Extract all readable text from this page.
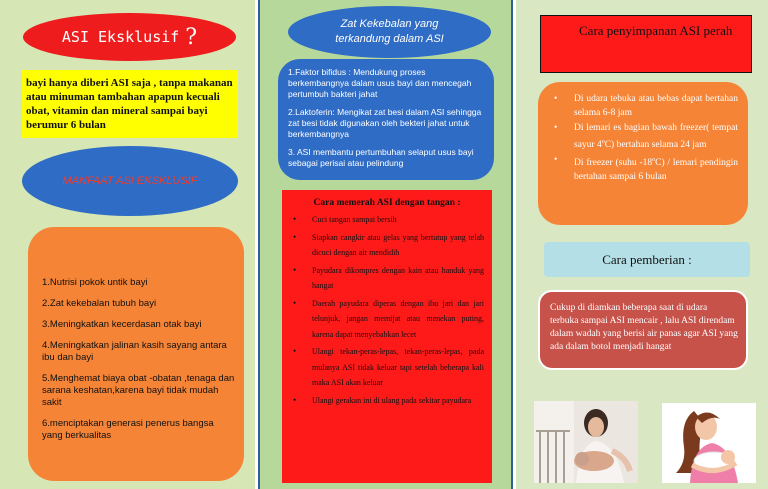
ASI Eksklusif ?
bayi hanya diberi ASI saja , tanpa makanan atau minuman tambahan apapun kecuali obat, vitamin dan mineral sampai bayi berumur 6 bulan
MANFAAT ASI EKSKLUSIF
1.Nutrisi pokok untik bayi
2.Zat kekebalan tubuh bayi
3.Meningkatkan kecerdasan otak bayi
4.Meningkatkan jalinan kasih sayang antara ibu dan bayi
5.Menghemat biaya obat -obatan ,tenaga dan sarana keshatan,karena bayi tidak mudah sakit
6.menciptakan generasi penerus bangsa yang berkualitas
Zat Kekebalan yang
terkandung dalam ASI

1.Faktor bifidus : Mendukung proses berkembangnya dalam usus bayi dan mencegah pertumbuh bakteri jahat

2.Laktoferin: Mengikat zat besi dalam ASI sehingga zat besi tidak digunakan oleh bekteri jahat untuk berkembangnya

3. ASI membantu pertumbuhan selaput usus bayi sebagai perisai atau pelindung

Cara memerah ASI dengan tangan :
• Cuci tangan sampai bersih
• Siapkan cangkir atau gelas yang bertutup yang telah dicuci dengan air mendidih
• Payudara dikompres dengan kain atau handuk yang hangat
• Daerah payudara diperas dengan ibu jari dan jari telunjuk, jangan memijat atau menekan puting, karena dapat menyebabkan lecet
• Ulangi tekan-peras-lepas, tekan-peras-lepas, pada mulanya ASI tidak keluar tapi setelah beberapa kali maka ASI akan keluar
• Ulangi gerakan ini di ulang pada sekitar payudara
Cara penyimpanan ASI perah
• Di udara tebuka atau bebas dapat bertahan selama 6-8 jam
• Di lemari es bagian bawah freezer( tempat sayur 4$^o$C) bertahan selama 24 jam
• Di freezer (suhu -18$^o$C) / lemari pendingin bertahan sampai 6 bulan
Cara pemberian :
Cukup di diamkan beberapa saat di udara terbuka sampai ASI mencair , lalu ASI direndam dalam wadah yang berisi air panas agar ASI yang ada dalam botol menjadi hangat
